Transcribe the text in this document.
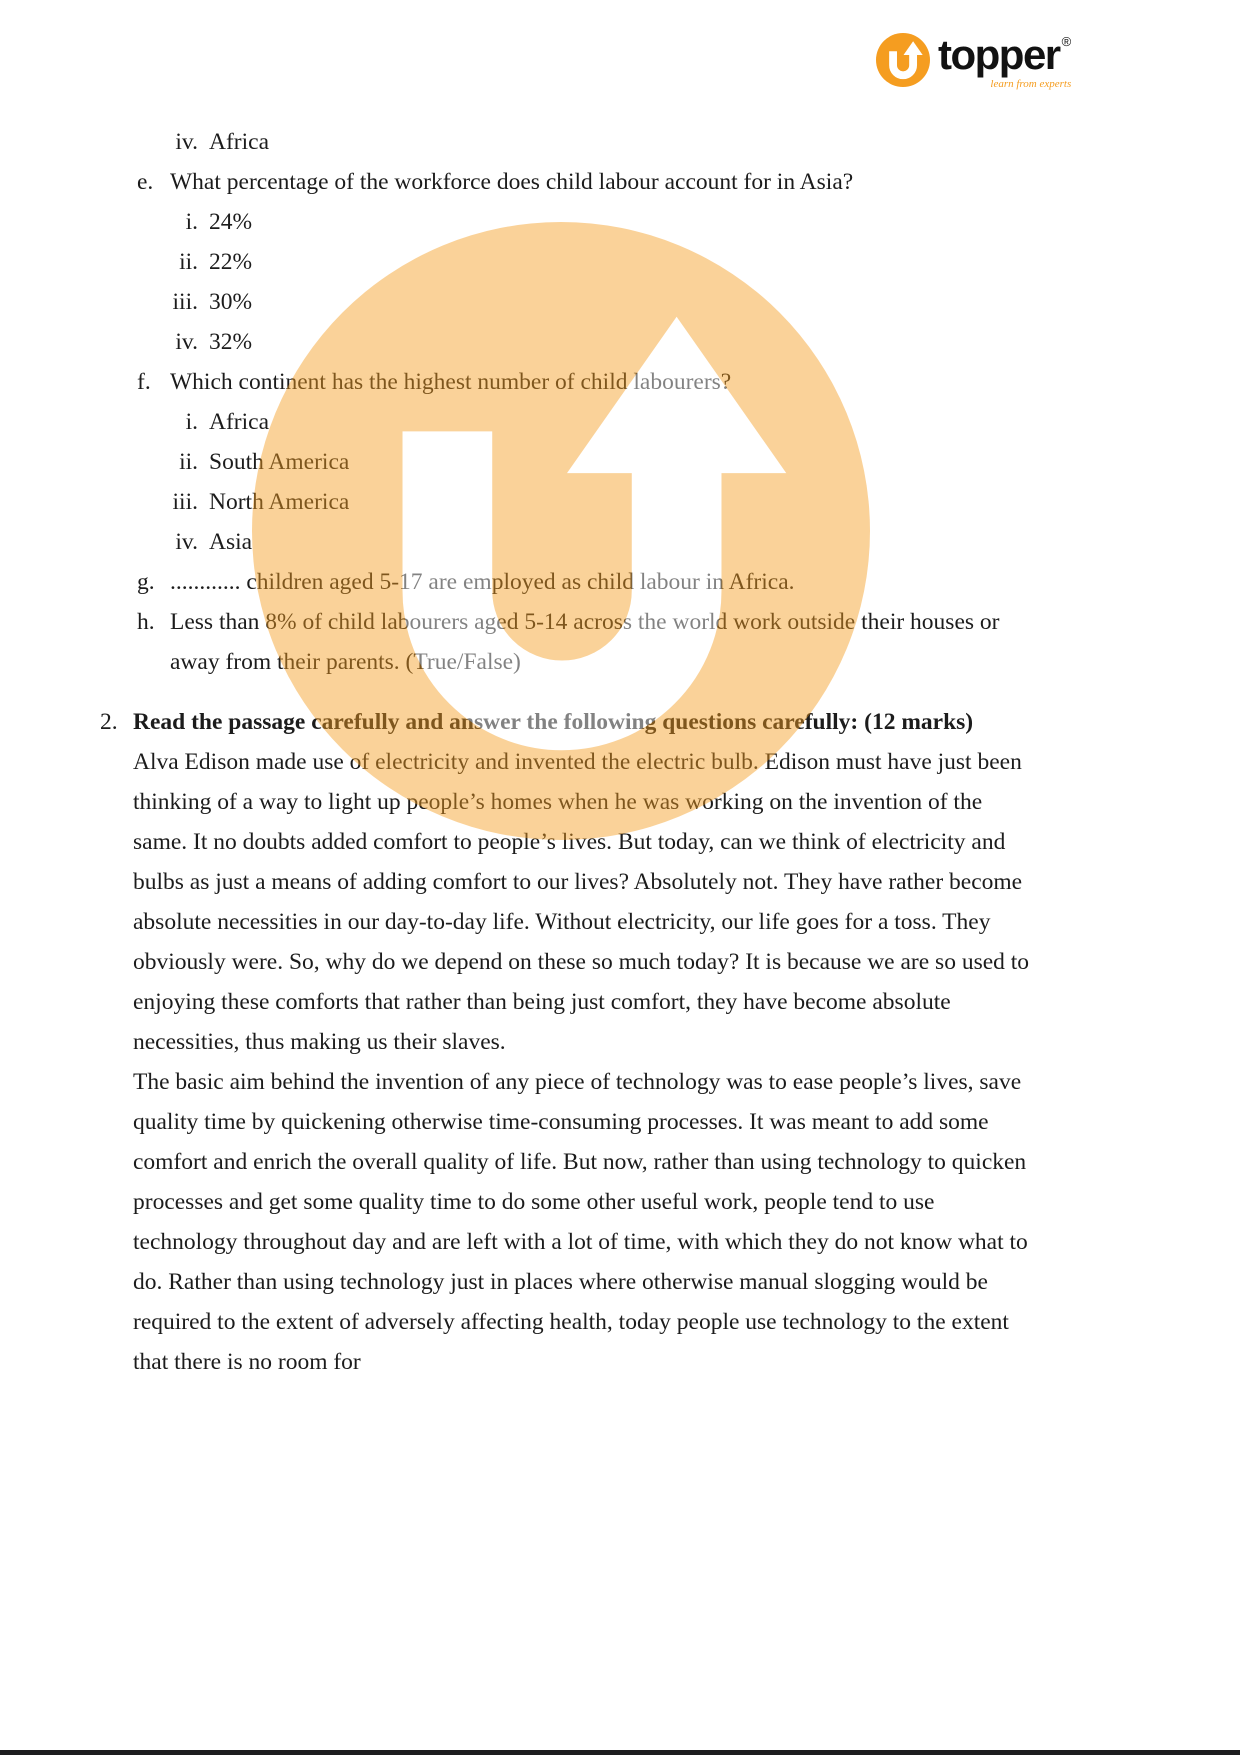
topper ®
learn from experts
iv. Africa
e. What percentage of the workforce does child labour account for in Asia?
i. 24%
ii. 22%
iii. 30%
iv. 32%
f. Which continent has the highest number of child labourers?
i. Africa
ii. South America
iii. North America
iv. Asia
g. ............ children aged 5-17 are employed as child labour in Africa.
h. Less than 8% of child labourers aged 5-14 across the world work outside their houses or away from their parents. (True/False)
2. Read the passage carefully and answer the following questions carefully: (12 marks)

Alva Edison made use of electricity and invented the electric bulb. Edison must have just been thinking of a way to light up people’s homes when he was working on the invention of the same. It no doubts added comfort to people’s lives. But today, can we think of electricity and bulbs as just a means of adding comfort to our lives? Absolutely not. They have rather become absolute necessities in our day-to-day life. Without electricity, our life goes for a toss. They obviously were. So, why do we depend on these so much today? It is because we are so used to enjoying these comforts that rather than being just comfort, they have become absolute necessities, thus making us their slaves.

The basic aim behind the invention of any piece of technology was to ease people’s lives, save quality time by quickening otherwise time-consuming processes. It was meant to add some comfort and enrich the overall quality of life. But now, rather than using technology to quicken processes and get some quality time to do some other useful work, people tend to use technology throughout day and are left with a lot of time, with which they do not know what to do. Rather than using technology just in places where otherwise manual slogging would be required to the extent of adversely affecting health, today people use technology to the extent that there is no room for
